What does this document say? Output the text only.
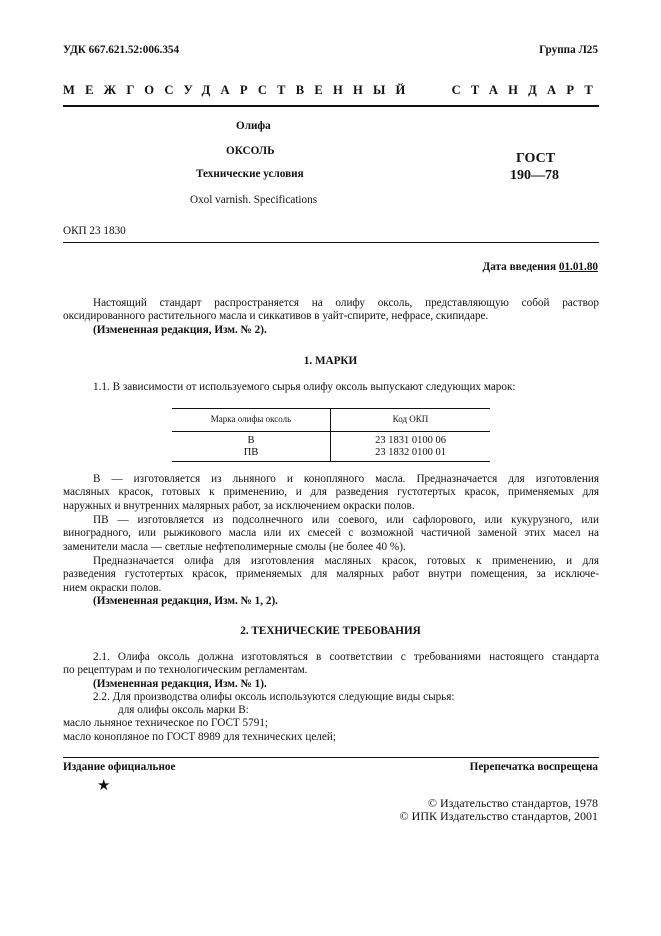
УДК 667.621.52:006.354	Группа Л25
МЕЖГОСУДАРСТВЕННЫЙ СТАНДАРТ
Олифа
ОКСОЛЬ
Технические условия
Oxol varnish. Specifications
ГОСТ
190—78
ОКП 23 1830
Дата введения 01.01.80
Настоящий стандарт распространяется на олифу оксоль, представляющую собой раствор
оксидированного растительного масла и сиккативов в уайт-спирите, нефрасе, скипидаре.
(Измененная редакция, Изм. № 2).
1. МАРКИ
1.1. В зависимости от используемого сырья олифу оксоль выпускают следующих марок:
Марка олифы оксоль	Код ОКП
В	23 1831 0100 06
ПВ	23 1832 0100 01
В — изготовляется из льняного и конопляного масла. Предназначается для изготовления
масляных красок, готовых к применению, и для разведения густотертых красок, применяемых для
наружных и внутренних малярных работ, за исключением окраски полов.
ПВ — изготовляется из подсолнечного или соевого, или сафлорового, или кукурузного, или
виноградного, или рыжикового масла или их смесей с возможной частичной заменой этих масел на
заменители масла — светлые нефтеполимерные смолы (не более 40 %).
Предназначается олифа для изготовления масляных красок, готовых к применению, и для
разведения густотертых красок, применяемых для малярных работ внутри помещения, за исключе-
нием окраски полов.
(Измененная редакция, Изм. № 1, 2).
2. ТЕХНИЧЕСКИЕ ТРЕБОВАНИЯ
2.1. Олифа оксоль должна изготовляться в соответствии с требованиями настоящего стандарта
по рецептурам и по технологическим регламентам.
(Измененная редакция, Изм. № 1).
2.2. Для производства олифы оксоль используются следующие виды сырья:
для олифы оксоль марки В:
масло льняное техническое по ГОСТ 5791;
масло конопляное по ГОСТ 8989 для технических целей;
Издание официальное	Перепечатка воспрещена
★
© Издательство стандартов, 1978
© ИПК Издательство стандартов, 2001
